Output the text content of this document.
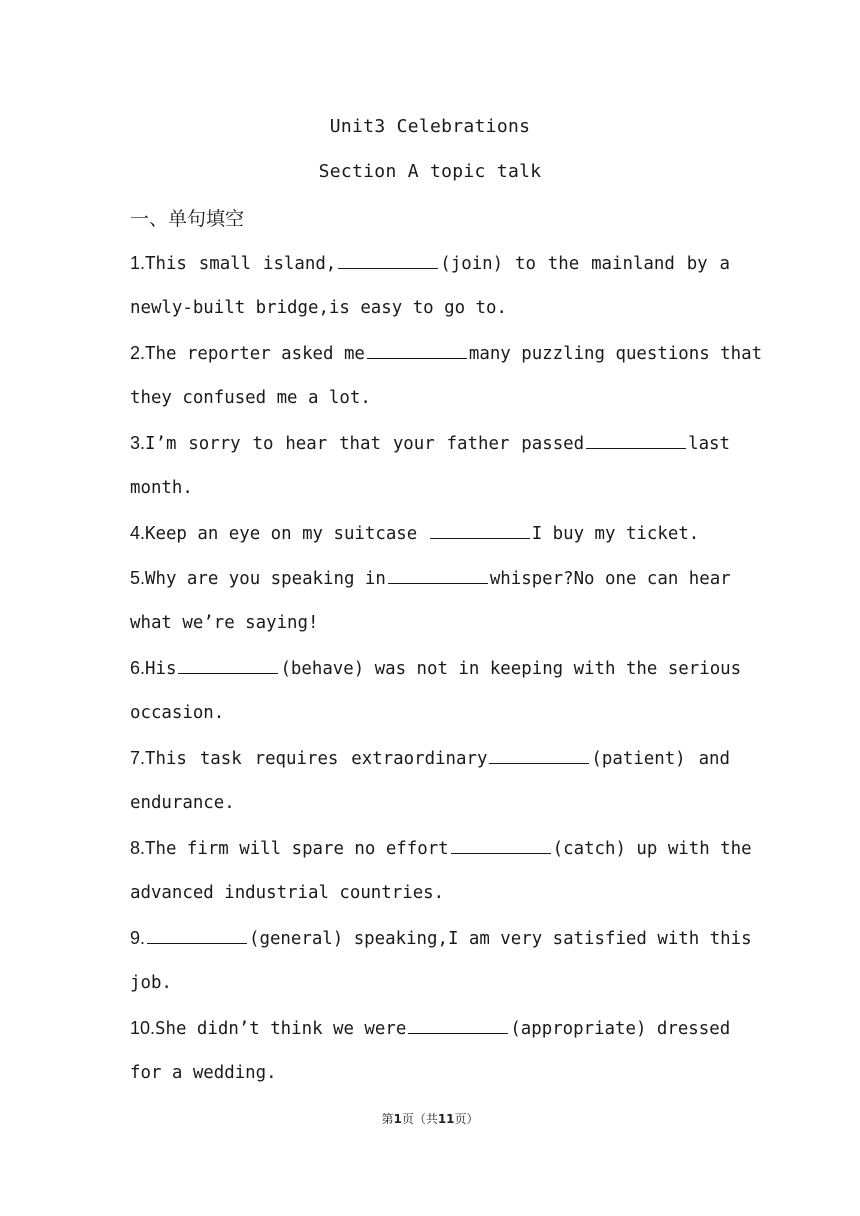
Unit3 Celebrations
Section A topic talk
一、单句填空
1.This small island,	(join) to the mainland by a
newly-built bridge,is easy to go to.
2.The reporter asked me	many puzzling questions that
they confused me a lot.
3.I’m sorry to hear that your father passed	last
month.
4.Keep an eye on my suitcase	I buy my ticket.
5.Why are you speaking in	whisper?No one can hear
what we’re saying!
6.His	(behave) was not in keeping with the serious
occasion.
7.This task requires extraordinary	(patient) and
endurance.
8.The firm will spare no effort	(catch) up with the
advanced industrial countries.
9.	(general) speaking,I am very satisfied with this
job.
10.She didn’t think we were	(appropriate) dressed
for a wedding.
第1页（共11页）
